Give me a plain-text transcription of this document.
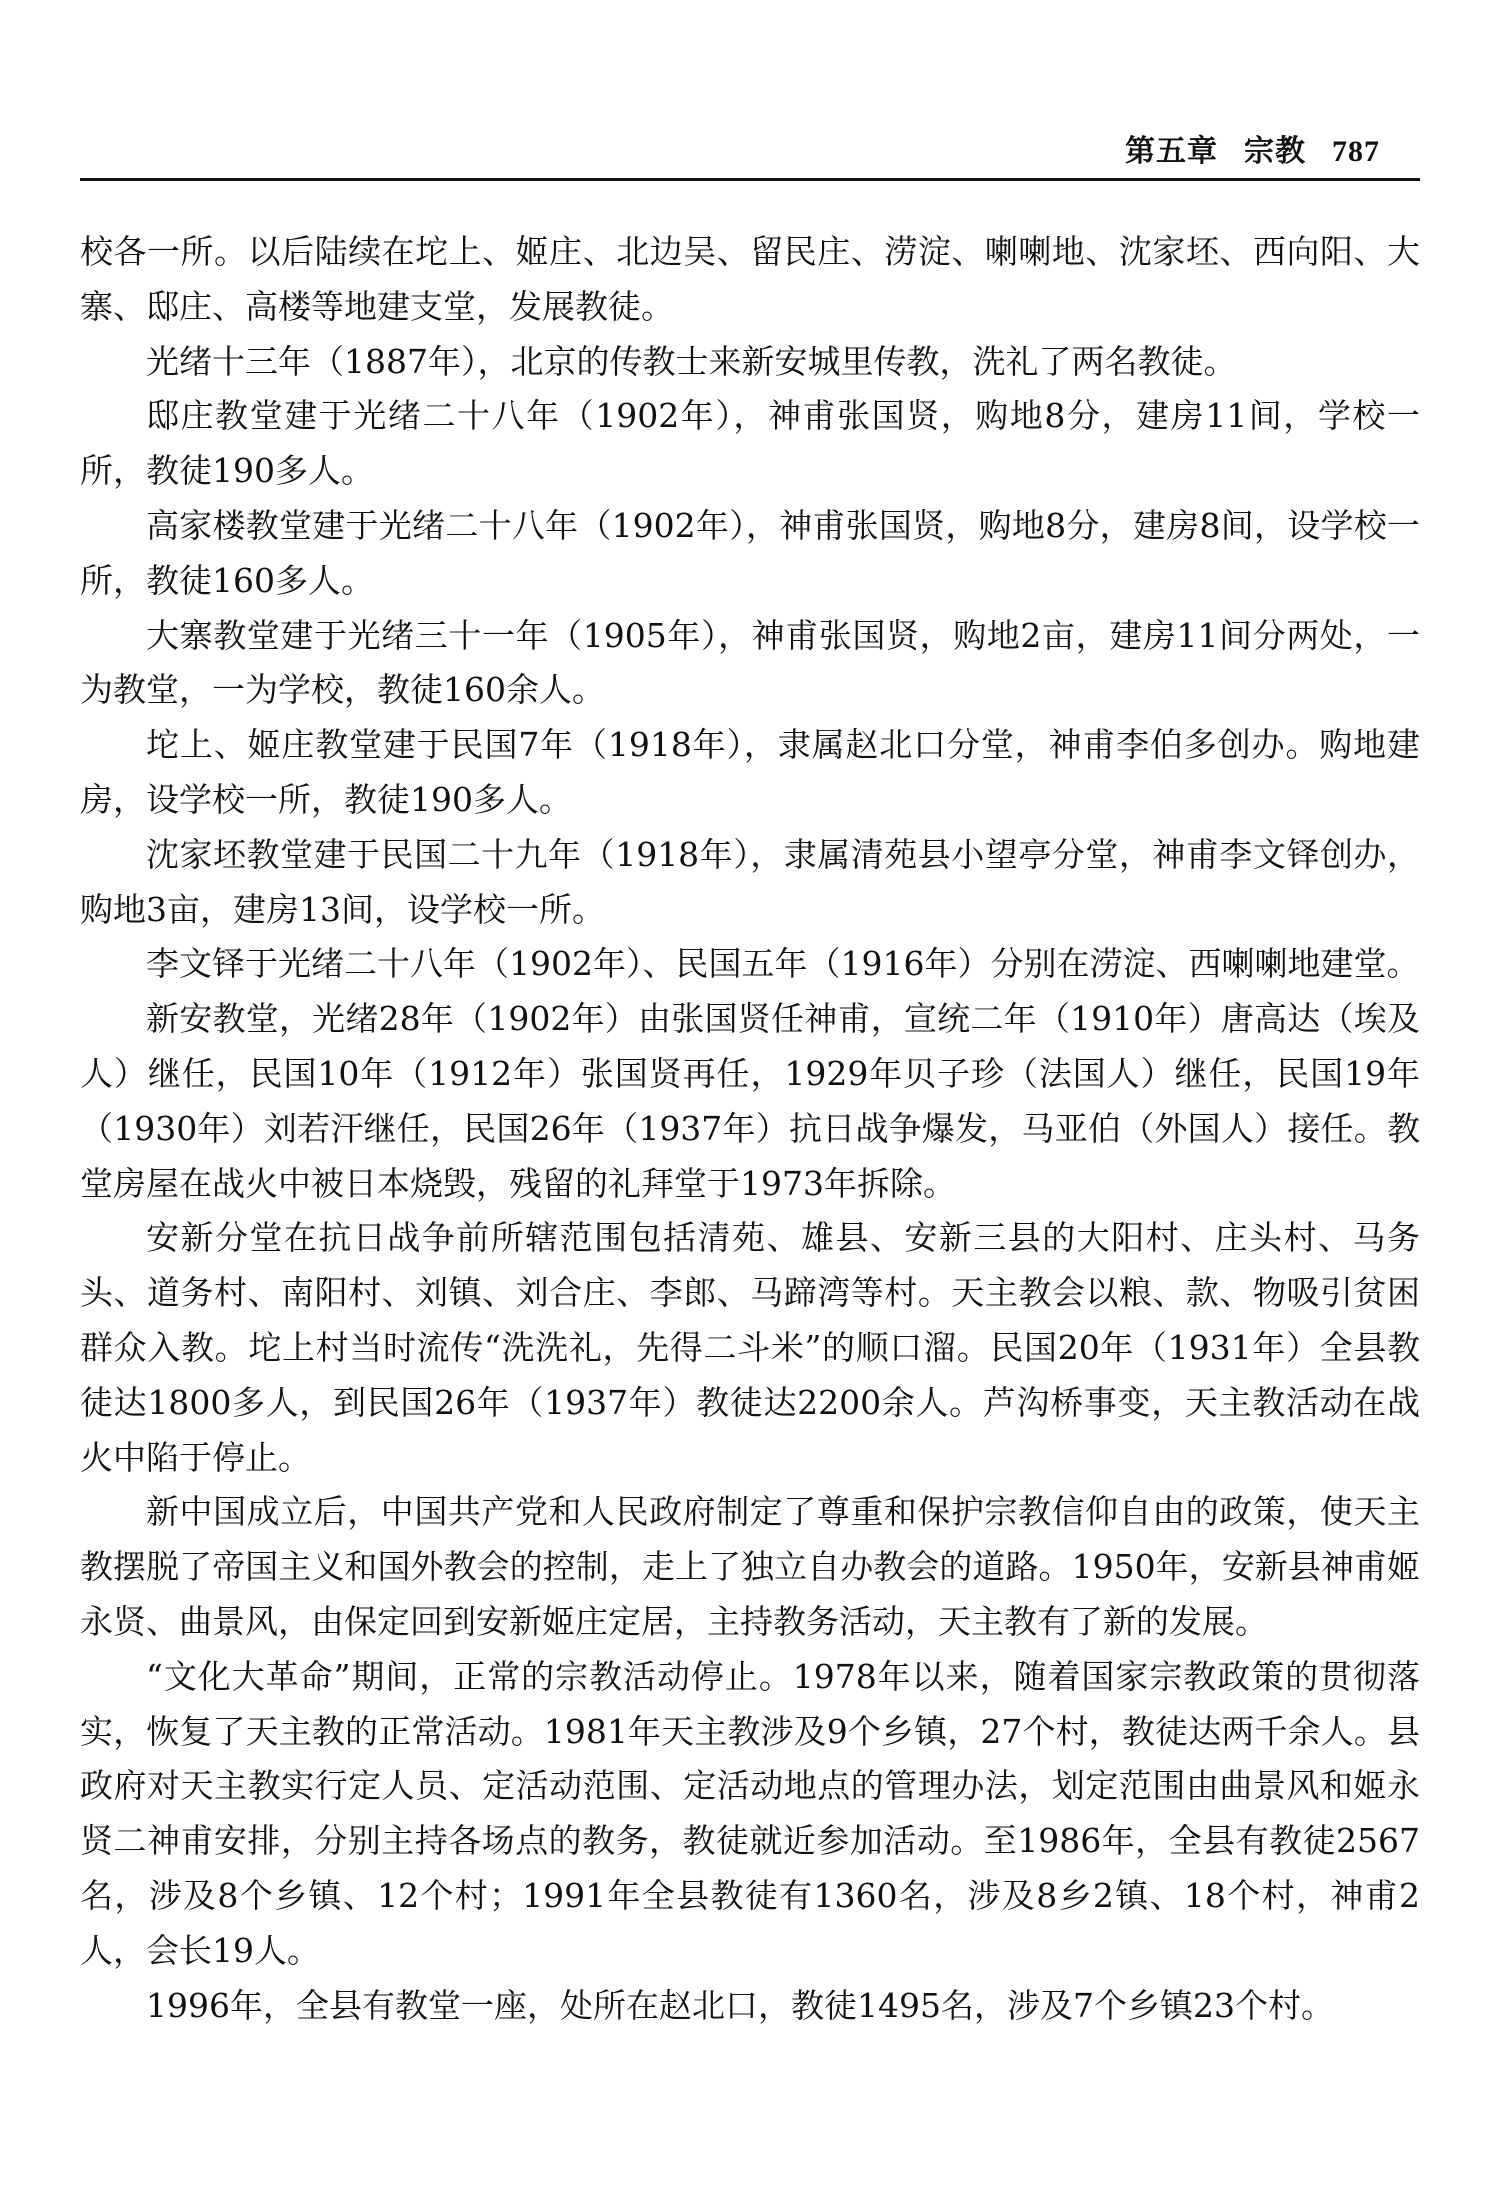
第五章 宗教 787

校各一所。以后陆续在坨上、姬庄、北边吴、留民庄、涝淀、喇喇地、沈家坯、西向阳、大寨、邸庄、高楼等地建支堂，发展教徒。

光绪十三年（1887年），北京的传教士来新安城里传教，洗礼了两名教徒。

邸庄教堂建于光绪二十八年（1902年），神甫张国贤，购地8分，建房11间，学校一所，教徒190多人。

高家楼教堂建于光绪二十八年（1902年），神甫张国贤，购地8分，建房8间，设学校一所，教徒160多人。

大寨教堂建于光绪三十一年（1905年），神甫张国贤，购地2亩，建房11间分两处，一为教堂，一为学校，教徒160余人。

坨上、姬庄教堂建于民国7年（1918年），隶属赵北口分堂，神甫李伯多创办。购地建房，设学校一所，教徒190多人。

沈家坯教堂建于民国二十九年（1918年），隶属清苑县小望亭分堂，神甫李文铎创办，购地3亩，建房13间，设学校一所。

李文铎于光绪二十八年（1902年）、民国五年（1916年）分别在涝淀、西喇喇地建堂。

新安教堂，光绪28年（1902年）由张国贤任神甫，宣统二年（1910年）唐高达（埃及人）继任，民国10年（1912年）张国贤再任，1929年贝子珍（法国人）继任，民国19年（1930年）刘若汗继任，民国26年（1937年）抗日战争爆发，马亚伯（外国人）接任。教堂房屋在战火中被日本烧毁，残留的礼拜堂于1973年拆除。

安新分堂在抗日战争前所辖范围包括清苑、雄县、安新三县的大阳村、庄头村、马务头、道务村、南阳村、刘镇、刘合庄、李郎、马蹄湾等村。天主教会以粮、款、物吸引贫困群众入教。坨上村当时流传“洗洗礼，先得二斗米”的顺口溜。民国20年（1931年）全县教徒达1800多人，到民国26年（1937年）教徒达2200余人。芦沟桥事变，天主教活动在战火中陷于停止。

新中国成立后，中国共产党和人民政府制定了尊重和保护宗教信仰自由的政策，使天主教摆脱了帝国主义和国外教会的控制，走上了独立自办教会的道路。1950年，安新县神甫姬永贤、曲景风，由保定回到安新姬庄定居，主持教务活动，天主教有了新的发展。

“文化大革命”期间，正常的宗教活动停止。1978年以来，随着国家宗教政策的贯彻落实，恢复了天主教的正常活动。1981年天主教涉及9个乡镇，27个村，教徒达两千余人。县政府对天主教实行定人员、定活动范围、定活动地点的管理办法，划定范围由曲景风和姬永贤二神甫安排，分别主持各场点的教务，教徒就近参加活动。至1986年，全县有教徒2567名，涉及8个乡镇、12个村；1991年全县教徒有1360名，涉及8乡2镇、18个村，神甫2人，会长19人。

1996年，全县有教堂一座，处所在赵北口，教徒1495名，涉及7个乡镇23个村。
